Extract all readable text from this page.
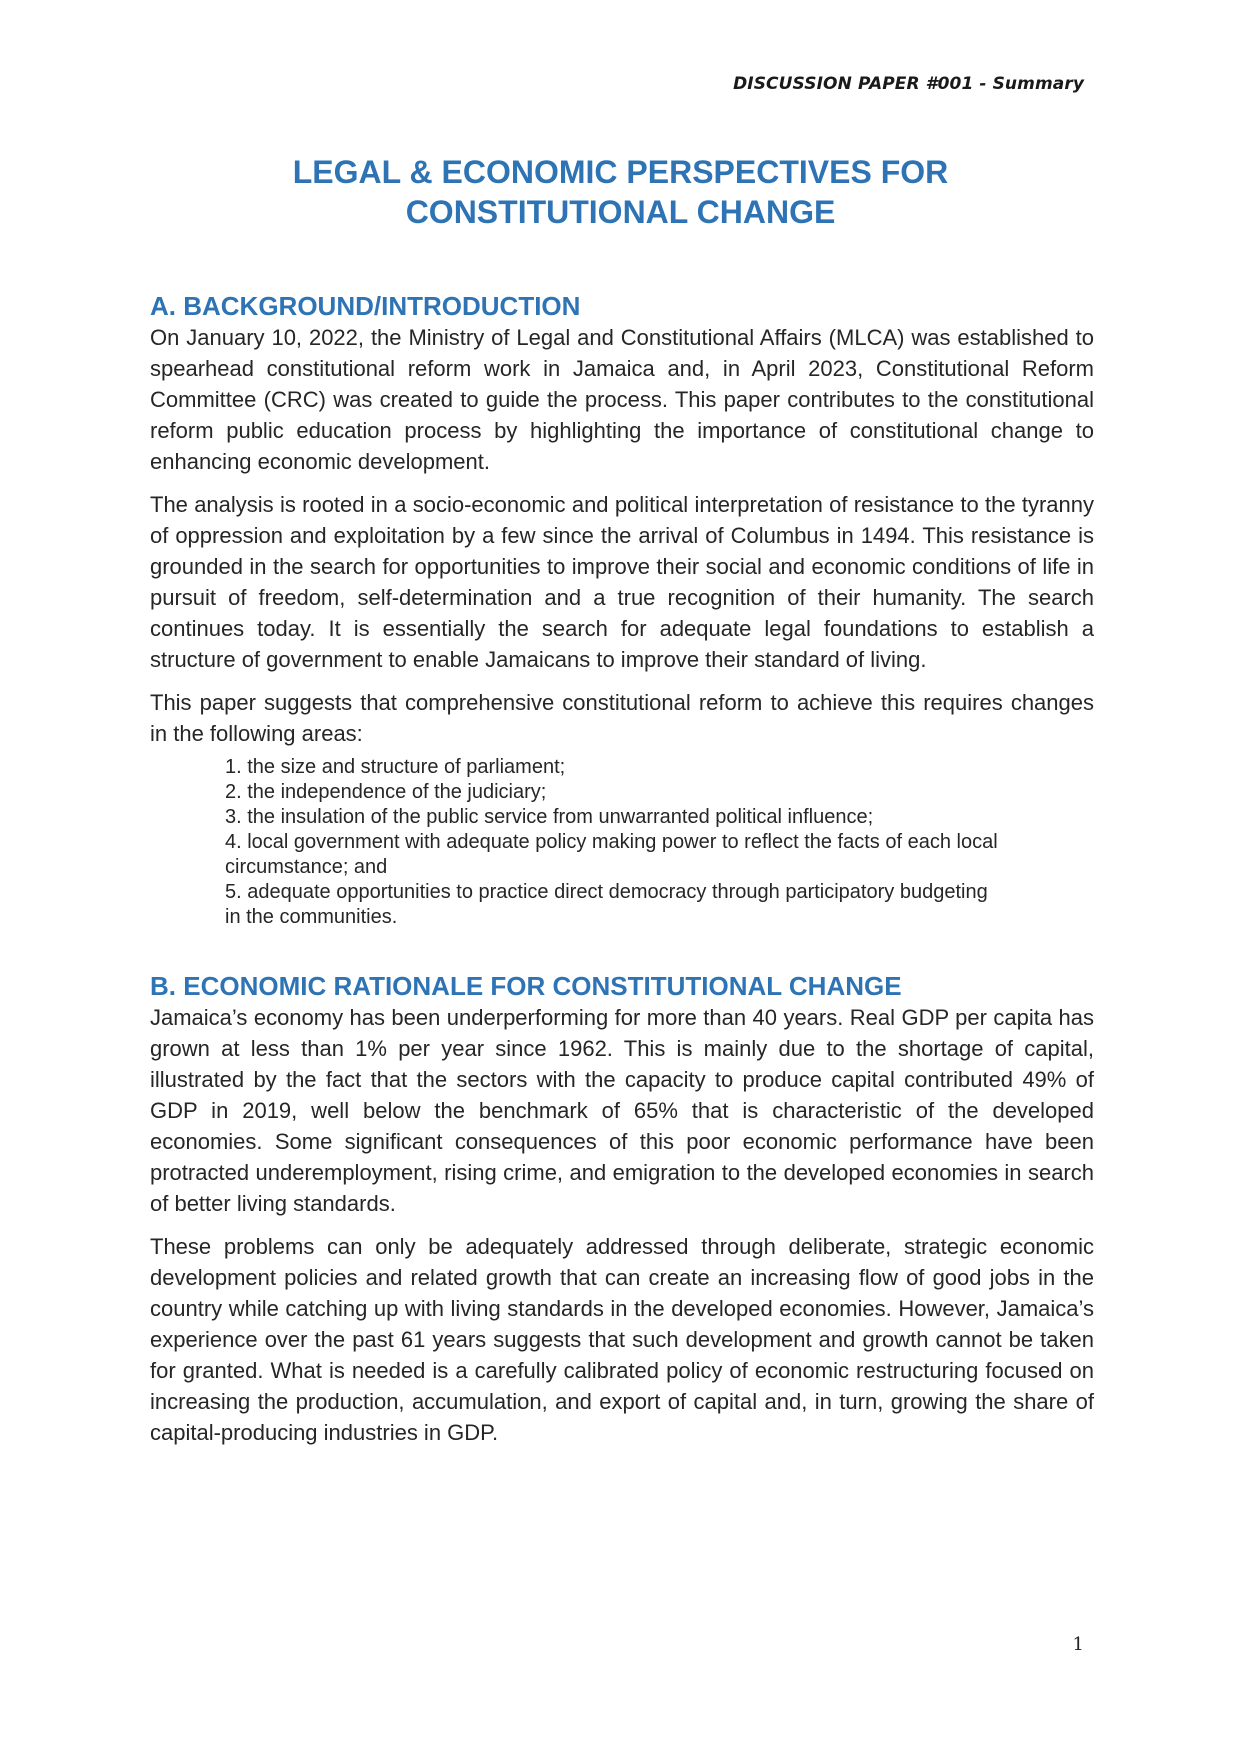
DISCUSSION PAPER #001 - Summary
LEGAL & ECONOMIC PERSPECTIVES FOR
CONSTITUTIONAL CHANGE
A. BACKGROUND/INTRODUCTION

On January 10, 2022, the Ministry of Legal and Constitutional Affairs (MLCA) was established to spearhead constitutional reform work in Jamaica and, in April 2023, Constitutional Reform Committee (CRC) was created to guide the process. This paper contributes to the constitutional reform public education process by highlighting the importance of constitutional change to enhancing economic development.

The analysis is rooted in a socio-economic and political interpretation of resistance to the tyranny of oppression and exploitation by a few since the arrival of Columbus in 1494. This resistance is grounded in the search for opportunities to improve their social and economic conditions of life in pursuit of freedom, self-determination and a true recognition of their humanity. The search continues today. It is essentially the search for adequate legal foundations to establish a structure of government to enable Jamaicans to improve their standard of living.

This paper suggests that comprehensive constitutional reform to achieve this requires changes in the following areas:

1. the size and structure of parliament;
2. the independence of the judiciary;
3. the insulation of the public service from unwarranted political influence;
4. local government with adequate policy making power to reflect the facts of each local circumstance; and
5. adequate opportunities to practice direct democracy through participatory budgeting in the communities.
B. ECONOMIC RATIONALE FOR CONSTITUTIONAL CHANGE

Jamaica’s economy has been underperforming for more than 40 years. Real GDP per capita has grown at less than 1% per year since 1962. This is mainly due to the shortage of capital, illustrated by the fact that the sectors with the capacity to produce capital contributed 49% of GDP in 2019, well below the benchmark of 65% that is characteristic of the developed economies. Some significant consequences of this poor economic performance have been protracted underemployment, rising crime, and emigration to the developed economies in search of better living standards.

These problems can only be adequately addressed through deliberate, strategic economic development policies and related growth that can create an increasing flow of good jobs in the country while catching up with living standards in the developed economies. However, Jamaica’s experience over the past 61 years suggests that such development and growth cannot be taken for granted. What is needed is a carefully calibrated policy of economic restructuring focused on increasing the production, accumulation, and export of capital and, in turn, growing the share of capital-producing industries in GDP.

1
